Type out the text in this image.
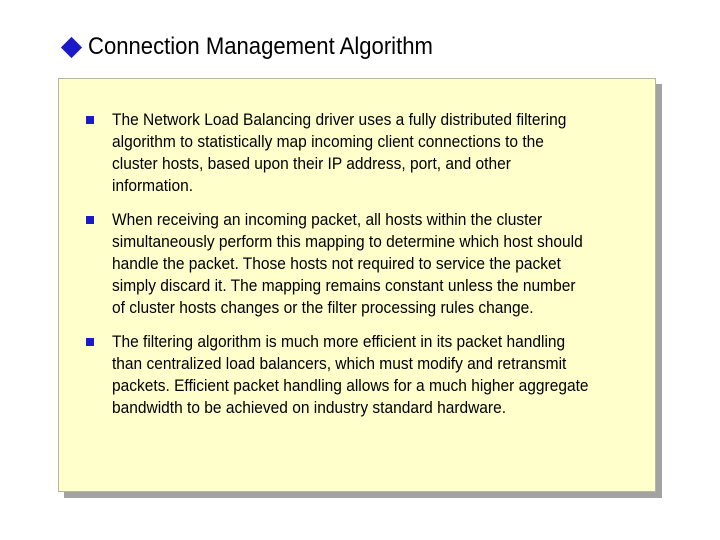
Connection Management Algorithm
The Network Load Balancing driver uses a fully distributed filtering
algorithm to statistically map incoming client connections to the
cluster hosts, based upon their IP address, port, and other
information.
When receiving an incoming packet, all hosts within the cluster
simultaneously perform this mapping to determine which host should
handle the packet. Those hosts not required to service the packet
simply discard it. The mapping remains constant unless the number
of cluster hosts changes or the filter processing rules change.
The filtering algorithm is much more efficient in its packet handling
than centralized load balancers, which must modify and retransmit
packets. Efficient packet handling allows for a much higher aggregate
bandwidth to be achieved on industry standard hardware.
